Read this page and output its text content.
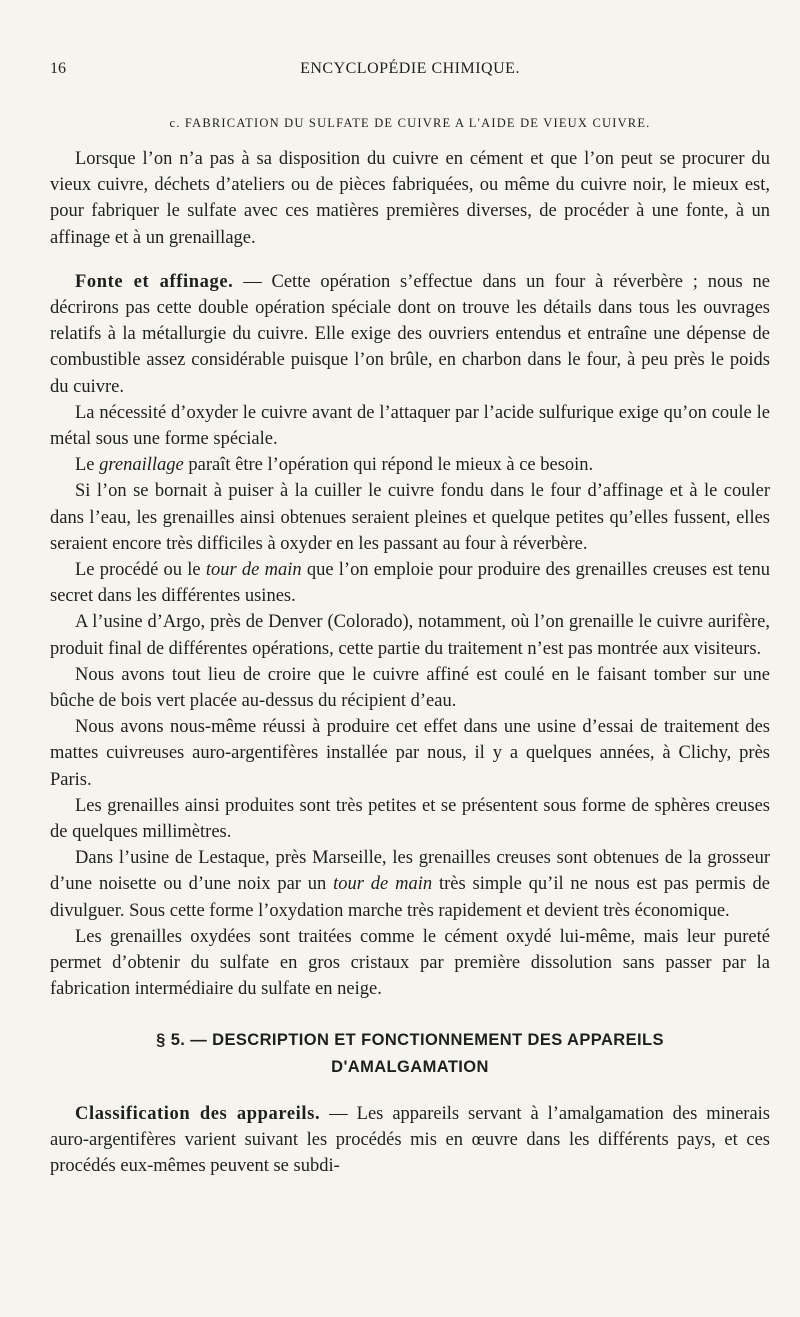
16	ENCYCLOPÉDIE CHIMIQUE.
c. FABRICATION DU SULFATE DE CUIVRE A L'AIDE DE VIEUX CUIVRE.

Lorsque l’on n’a pas à sa disposition du cuivre en cément et que l’on peut se procurer du vieux cuivre, déchets d’ateliers ou de pièces fabriquées, ou même du cuivre noir, le mieux est, pour fabriquer le sulfate avec ces matières premières diverses, de procéder à une fonte, à un affinage et à un grenaillage.

Fonte et affinage. — Cette opération s’effectue dans un four à réverbère ; nous ne décrirons pas cette double opération spéciale dont on trouve les détails dans tous les ouvrages relatifs à la métallurgie du cuivre. Elle exige des ouvriers entendus et entraîne une dépense de combustible assez considérable puisque l’on brûle, en charbon dans le four, à peu près le poids du cuivre.

La nécessité d’oxyder le cuivre avant de l’attaquer par l’acide sulfurique exige qu’on coule le métal sous une forme spéciale.

Le grenaillage paraît être l’opération qui répond le mieux à ce besoin.

Si l’on se bornait à puiser à la cuiller le cuivre fondu dans le four d’affinage et à le couler dans l’eau, les grenailles ainsi obtenues seraient pleines et quelque petites qu’elles fussent, elles seraient encore très difficiles à oxyder en les passant au four à réverbère.

Le procédé ou le tour de main que l’on emploie pour produire des grenailles creuses est tenu secret dans les différentes usines.

A l’usine d’Argo, près de Denver (Colorado), notamment, où l’on grenaille le cuivre aurifère, produit final de différentes opérations, cette partie du traitement n’est pas montrée aux visiteurs.

Nous avons tout lieu de croire que le cuivre affiné est coulé en le faisant tomber sur une bûche de bois vert placée au-dessus du récipient d’eau.

Nous avons nous-même réussi à produire cet effet dans une usine d’essai de traitement des mattes cuivreuses auro-argentifères installée par nous, il y a quelques années, à Clichy, près Paris.

Les grenailles ainsi produites sont très petites et se présentent sous forme de sphères creuses de quelques millimètres.

Dans l’usine de Lestaque, près Marseille, les grenailles creuses sont obtenues de la grosseur d’une noisette ou d’une noix par un tour de main très simple qu’il ne nous est pas permis de divulguer. Sous cette forme l’oxydation marche très rapidement et devient très économique.

Les grenailles oxydées sont traitées comme le cément oxydé lui-même, mais leur pureté permet d’obtenir du sulfate en gros cristaux par première dissolution sans passer par la fabrication intermédiaire du sulfate en neige.

§ 5. — DESCRIPTION ET FONCTIONNEMENT DES APPAREILS
D'AMALGAMATION

Classification des appareils. — Les appareils servant à l’amalgamation des minerais auro-argentifères varient suivant les procédés mis en œuvre dans les différents pays, et ces procédés eux-mêmes peuvent se subdi-
